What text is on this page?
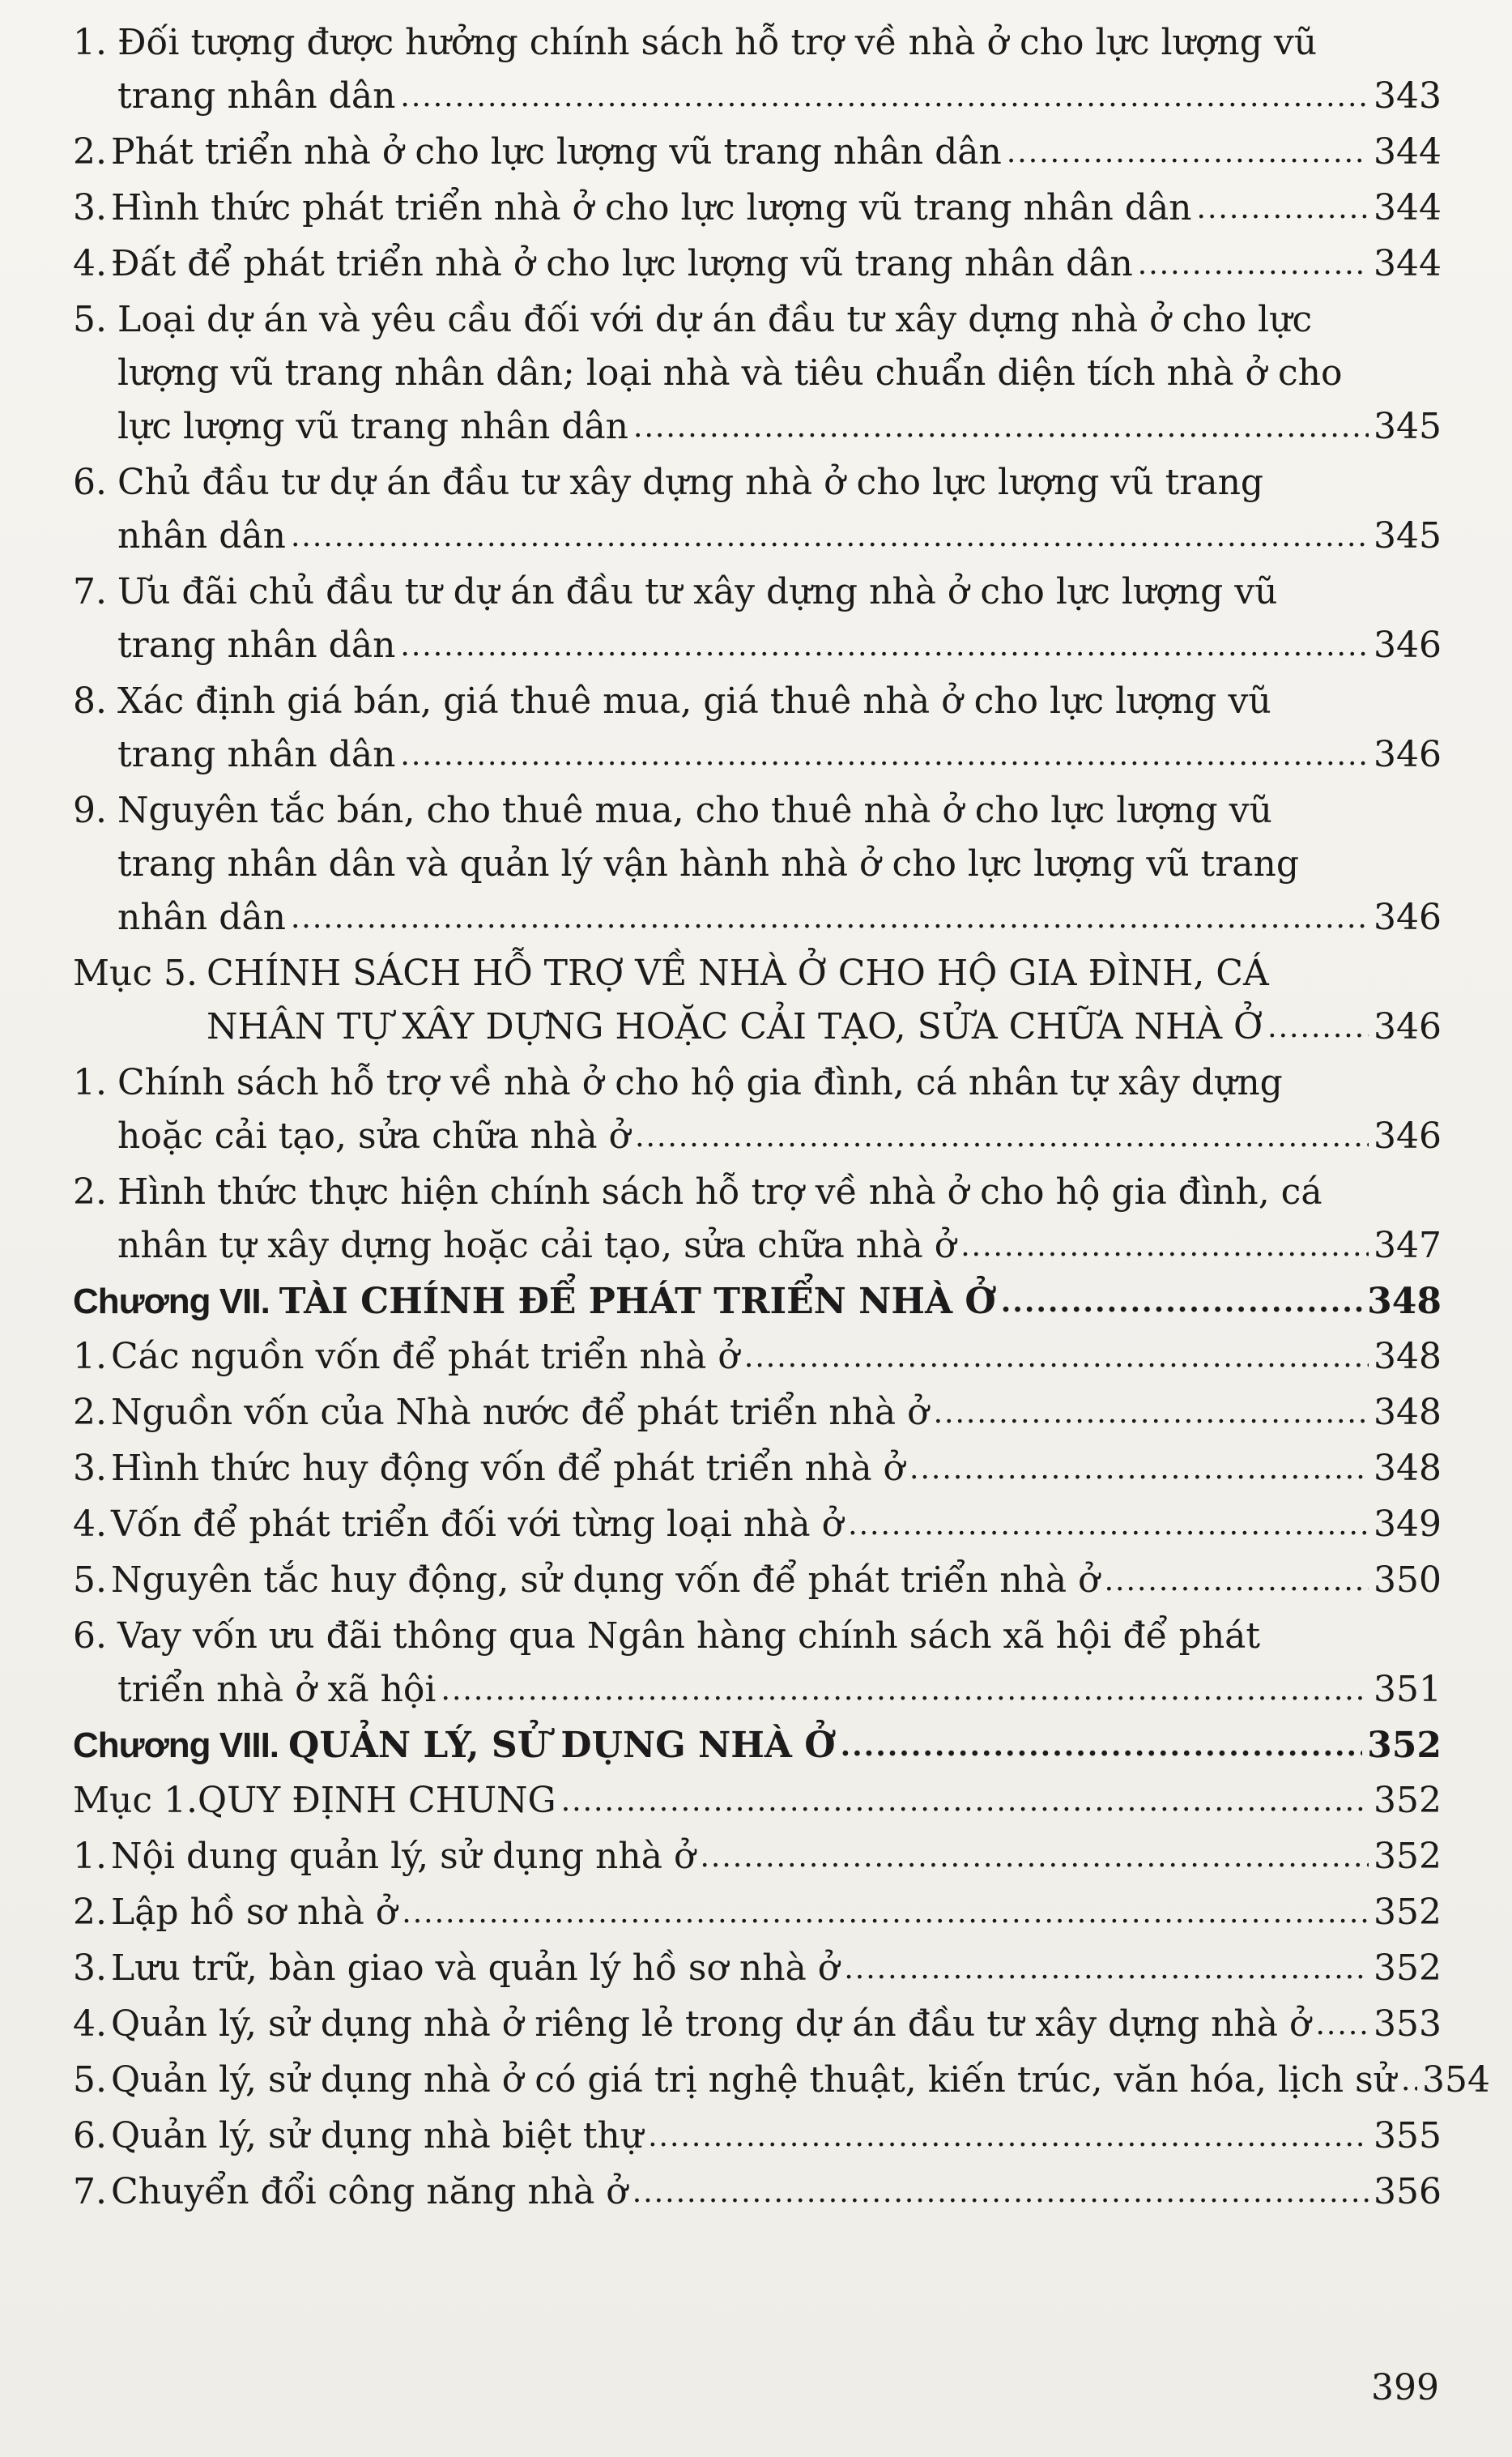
1. Đối tượng được hưởng chính sách hỗ trợ về nhà ở cho lực lượng vũ
trang nhân dân .....	343
2. Phát triển nhà ở cho lực lượng vũ trang nhân dân .....	344
3. Hình thức phát triển nhà ở cho lực lượng vũ trang nhân dân .....	344
4. Đất để phát triển nhà ở cho lực lượng vũ trang nhân dân .....	344
5. Loại dự án và yêu cầu đối với dự án đầu tư xây dựng nhà ở cho lực
lượng vũ trang nhân dân; loại nhà và tiêu chuẩn diện tích nhà ở cho
lực lượng vũ trang nhân dân .....	345
6. Chủ đầu tư dự án đầu tư xây dựng nhà ở cho lực lượng vũ trang
nhân dân .....	345
7. Ưu đãi chủ đầu tư dự án đầu tư xây dựng nhà ở cho lực lượng vũ
trang nhân dân .....	346
8. Xác định giá bán, giá thuê mua, giá thuê nhà ở cho lực lượng vũ
trang nhân dân .....	346
9. Nguyên tắc bán, cho thuê mua, cho thuê nhà ở cho lực lượng vũ
trang nhân dân và quản lý vận hành nhà ở cho lực lượng vũ trang
nhân dân .....	346
Mục 5. CHÍNH SÁCH HỖ TRỢ VỀ NHÀ Ở CHO HỘ GIA ĐÌNH, CÁ
NHÂN TỰ XÂY DỰNG HOẶC CẢI TẠO, SỬA CHỮA NHÀ Ở .....	346
1. Chính sách hỗ trợ về nhà ở cho hộ gia đình, cá nhân tự xây dựng
hoặc cải tạo, sửa chữa nhà ở .....	346
2. Hình thức thực hiện chính sách hỗ trợ về nhà ở cho hộ gia đình, cá
nhân tự xây dựng hoặc cải tạo, sửa chữa nhà ở .....	347
Chương VII. TÀI CHÍNH ĐỂ PHÁT TRIỂN NHÀ Ở .....	348
1. Các nguồn vốn để phát triển nhà ở .....	348
2. Nguồn vốn của Nhà nước để phát triển nhà ở .....	348
3. Hình thức huy động vốn để phát triển nhà ở .....	348
4. Vốn để phát triển đối với từng loại nhà ở .....	349
5. Nguyên tắc huy động, sử dụng vốn để phát triển nhà ở .....	350
6. Vay vốn ưu đãi thông qua Ngân hàng chính sách xã hội để phát
triển nhà ở xã hội .....	351
Chương VIII. QUẢN LÝ, SỬ DỤNG NHÀ Ở .....	352
Mục 1. QUY ĐỊNH CHUNG .....	352
1. Nội dung quản lý, sử dụng nhà ở .....	352
2. Lập hồ sơ nhà ở .....	352
3. Lưu trữ, bàn giao và quản lý hồ sơ nhà ở .....	352
4. Quản lý, sử dụng nhà ở riêng lẻ trong dự án đầu tư xây dựng nhà ở ..... 353
5. Quản lý, sử dụng nhà ở có giá trị nghệ thuật, kiến trúc, văn hóa, lịch sử ..... 354
6. Quản lý, sử dụng nhà biệt thự .....	355
7. Chuyển đổi công năng nhà ở .....	356
399
